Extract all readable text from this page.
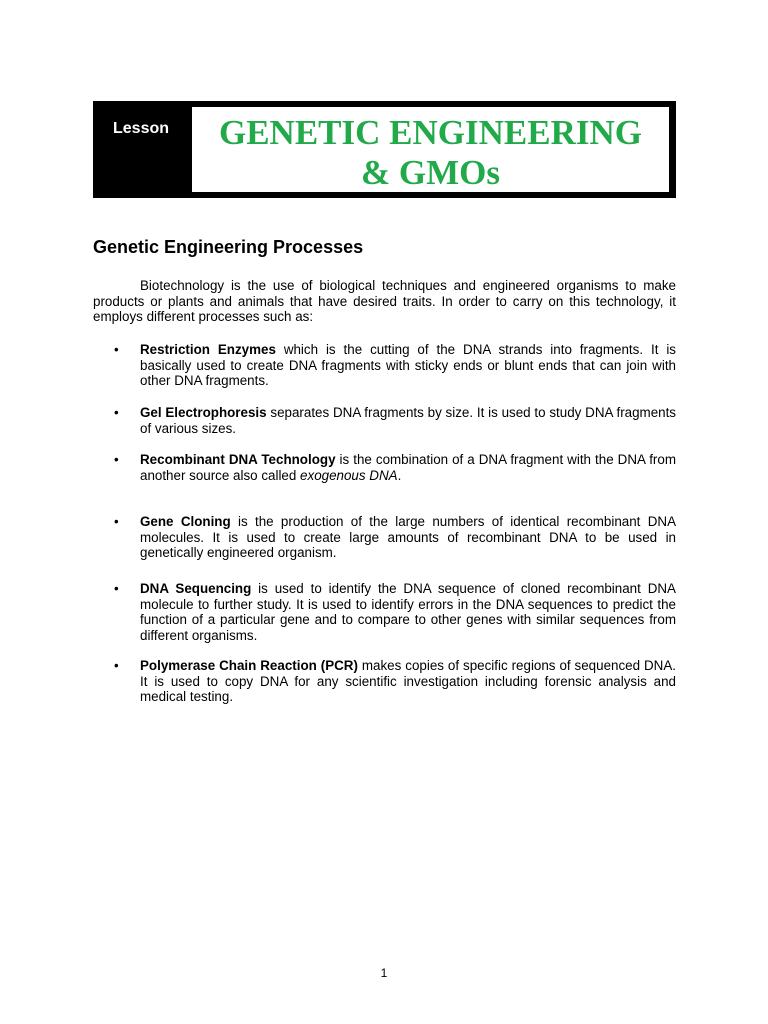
Lesson	GENETIC ENGINEERING
& GMOs
Genetic Engineering Processes

Biotechnology is the use of biological techniques and engineered organisms to make products or plants and animals that have desired traits. In order to carry on this technology, it employs different processes such as:

• Restriction Enzymes which is the cutting of the DNA strands into fragments. It is basically used to create DNA fragments with sticky ends or blunt ends that can join with other DNA fragments.

• Gel Electrophoresis separates DNA fragments by size. It is used to study DNA fragments of various sizes.

• Recombinant DNA Technology is the combination of a DNA fragment with the DNA from another source also called exogenous DNA.

• Gene Cloning is the production of the large numbers of identical recombinant DNA molecules. It is used to create large amounts of recombinant DNA to be used in genetically engineered organism.

• DNA Sequencing is used to identify the DNA sequence of cloned recombinant DNA molecule to further study. It is used to identify errors in the DNA sequences to predict the function of a particular gene and to compare to other genes with similar sequences from different organisms.

• Polymerase Chain Reaction (PCR) makes copies of specific regions of sequenced DNA. It is used to copy DNA for any scientific investigation including forensic analysis and medical testing.

1
